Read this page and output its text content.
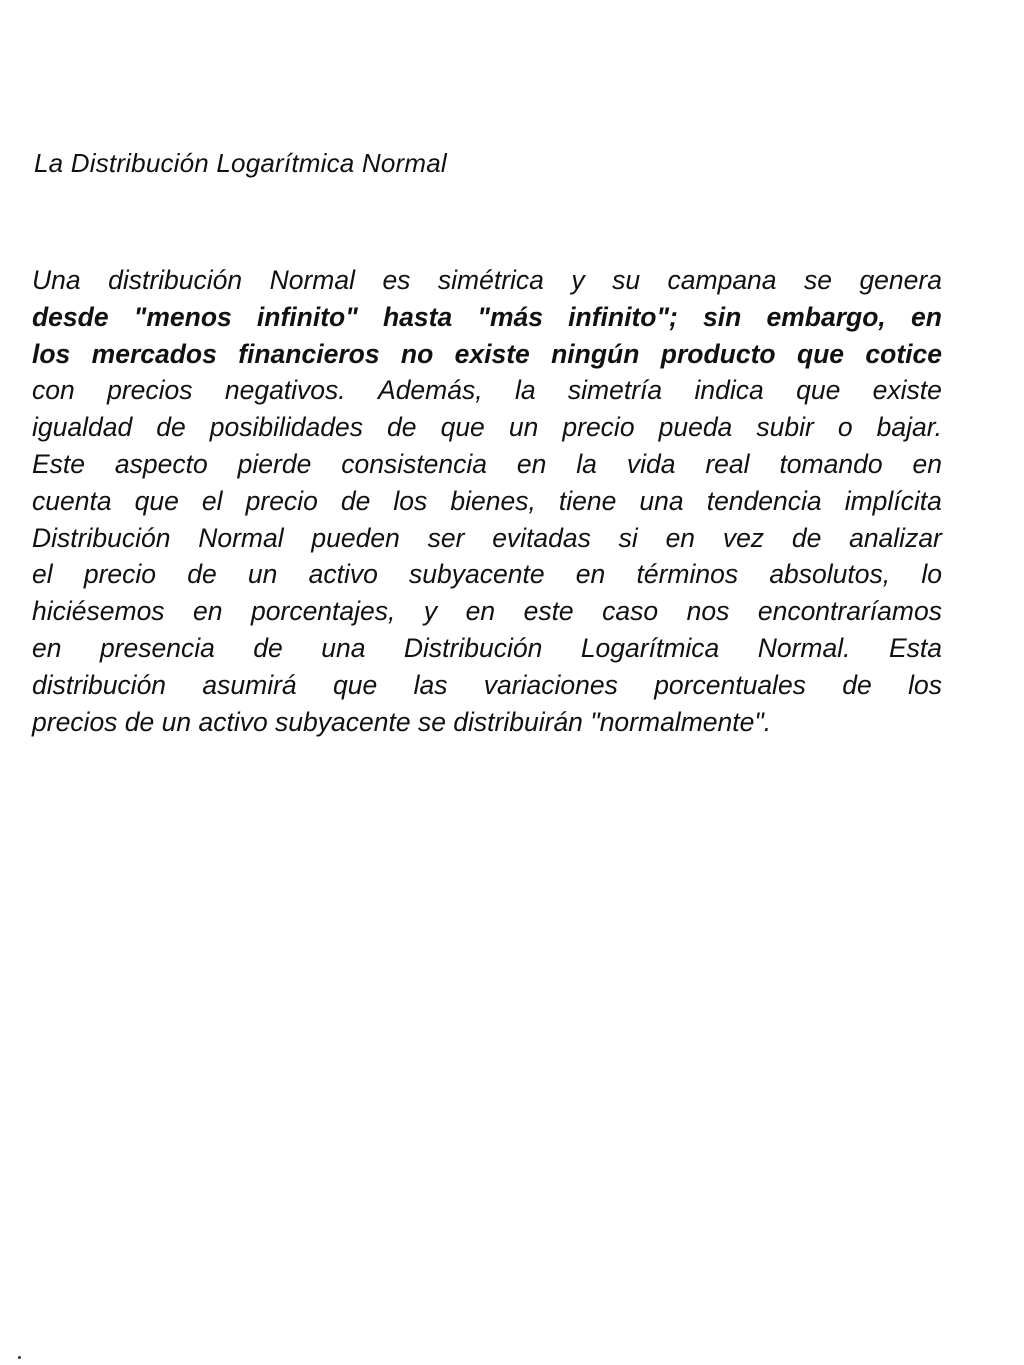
La Distribución Logarítmica Normal
Una distribución Normal es simétrica y su campana se genera
desde "menos infinito" hasta "más infinito"; sin embargo, en
los mercados financieros no existe ningún producto que cotice
con precios negativos. Además, la simetría indica que existe
igualdad de posibilidades de que un precio pueda subir o bajar.
Este aspecto pierde consistencia en la vida real tomando en
cuenta que el precio de los bienes, tiene una tendencia implícita
Distribución Normal pueden ser evitadas si en vez de analizar
el precio de un activo subyacente en términos absolutos, lo
hiciésemos en porcentajes, y en este caso nos encontraríamos
en presencia de una Distribución Logarítmica Normal. Esta
distribución asumirá que las variaciones porcentuales de los
precios de un activo subyacente se distribuirán "normalmente".
